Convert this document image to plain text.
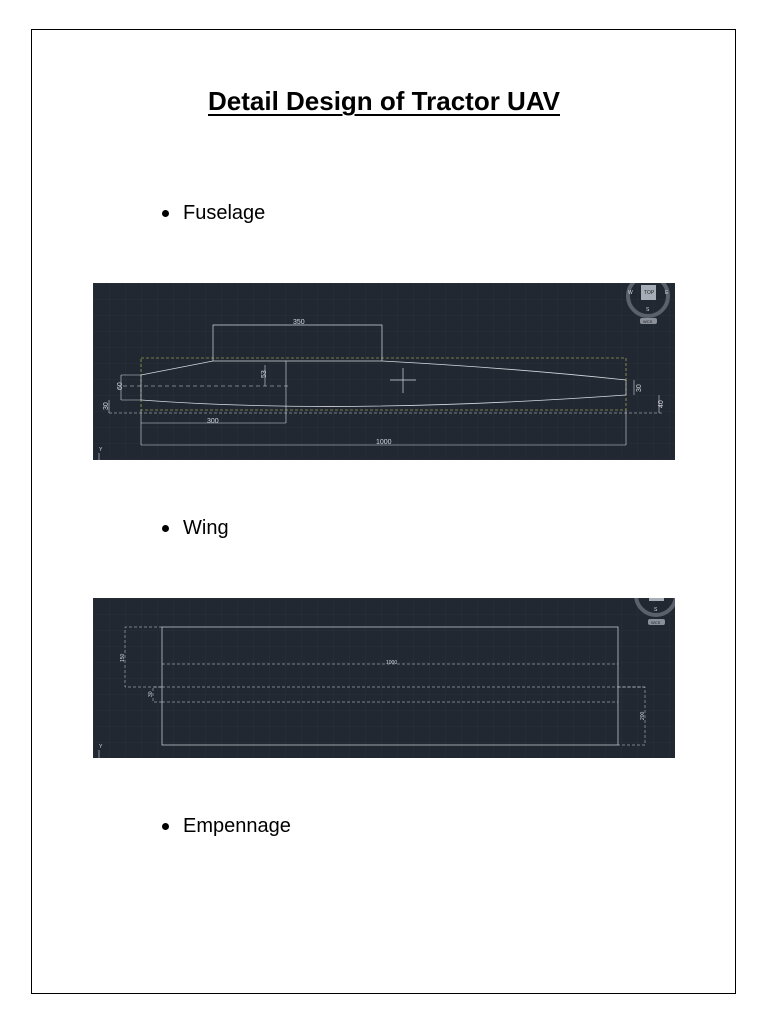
Detail Design of Tractor UAV
Fuselage
350
53
60
30
300
1000
30
40
TOP
W	E
S
WCS
Y
Wing
1000
150
30
200
S
WCS
Y
Empennage
